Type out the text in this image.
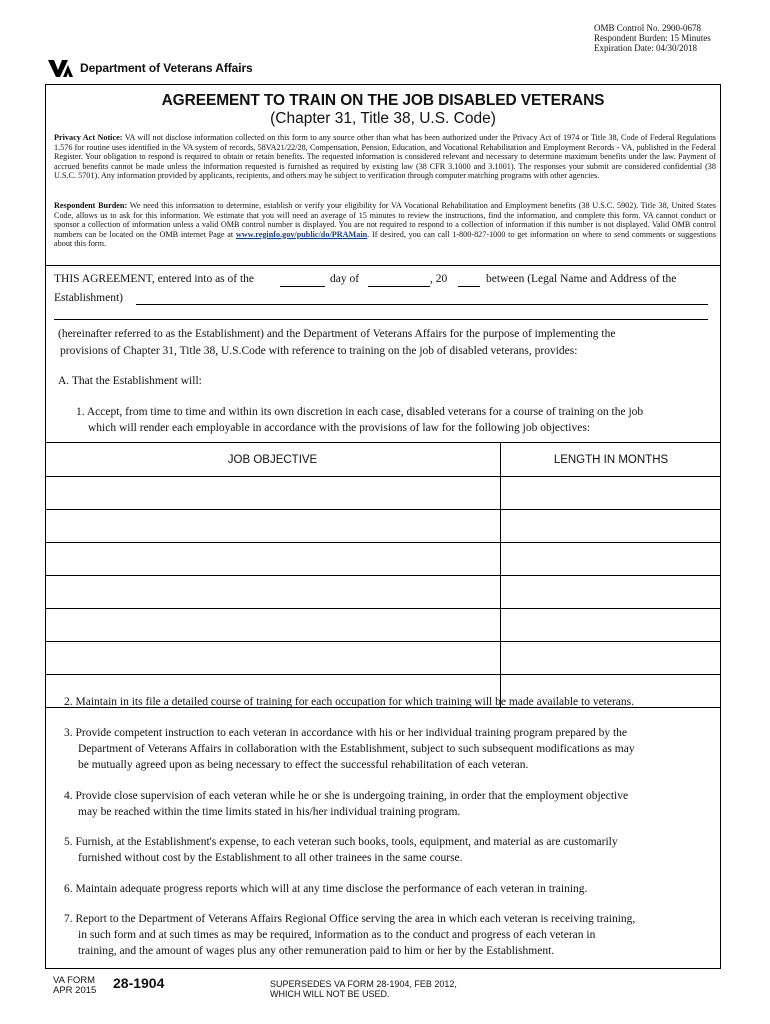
OMB Control No. 2900-0678
Respondent Burden: 15 Minutes
Expiration Date: 04/30/2018
Department of Veterans Affairs
AGREEMENT TO TRAIN ON THE JOB DISABLED VETERANS
(Chapter 31, Title 38, U.S. Code)
Privacy Act Notice: VA will not disclose information collected on this form to any source other than what has been authorized under the Privacy Act of 1974 or Title 38, Code of Federal Regulations 1.576 for routine uses identified in the VA system of records, 58VA21/22/28, Compensation, Pension, Education, and Vocational Rehabilitation and Employment Records - VA, published in the Federal Register. Your obligation to respond is required to obtain or retain benefits. The requested information is considered relevant and necessary to determine maximum benefits under the law. Payment of accrued benefits cannot be made unless the information requested is furnished as required by existing law (38 CFR 3.1000 and 3.1001). The responses your submit are considered confidential (38 U.S.C. 5701). Any information provided by applicants, recipients, and others may be subject to verification through computer matching programs with other agencies.
Respondent Burden: We need this information to determine, establish or verify your eligibility for VA Vocational Rehabilitation and Employment benefits (38 U.S.C. 5902). Title 38, United States Code, allows us to ask for this information. We estimate that you will need an average of 15 minutes to review the instructions, find the information, and complete this form. VA cannot conduct or sponsor a collection of information unless a valid OMB control number is displayed. You are not required to respond to a collection of information if this number is not displayed. Valid OMB control numbers can be located on the OMB internet Page at www.reginfo.gov/public/do/PRAMain. If desired, you can call 1-800-827-1000 to get information on where to send comments or suggestions about this form.
THIS AGREEMENT, entered into as of the	day of	, 20	between (Legal Name and Address of the
Establishment)
(hereinafter referred to as the Establishment) and the Department of Veterans Affairs for the purpose of implementing the
provisions of Chapter 31, Title 38, U.S.Code with reference to training on the job of disabled veterans, provides:
A. That the Establishment will:
1. Accept, from time to time and within its own discretion in each case, disabled veterans for a course of training on the job
which will render each employable in accordance with the provisions of law for the following job objectives:
JOB OBJECTIVE	LENGTH IN MONTHS

2. Maintain in its file a detailed course of training for each occupation for which training will be made available to veterans.
3. Provide competent instruction to each veteran in accordance with his or her individual training program prepared by the
Department of Veterans Affairs in collaboration with the Establishment, subject to such subsequent modifications as may
be mutually agreed upon as being necessary to effect the successful rehabilitation of each veteran.
4. Provide close supervision of each veteran while he or she is undergoing training, in order that the employment objective
may be reached within the time limits stated in his/her individual training program.
5. Furnish, at the Establishment's expense, to each veteran such books, tools, equipment, and material as are customarily
furnished without cost by the Establishment to all other trainees in the same course.
6. Maintain adequate progress reports which will at any time disclose the performance of each veteran in training.
7. Report to the Department of Veterans Affairs Regional Office serving the area in which each veteran is receiving training,
in such form and at such times as may be required, information as to the conduct and progress of each veteran in
training, and the amount of wages plus any other remuneration paid to him or her by the Establishment.
VA FORM
APR 2015 28-1904	SUPERSEDES VA FORM 28-1904, FEB 2012,
WHICH WILL NOT BE USED.
